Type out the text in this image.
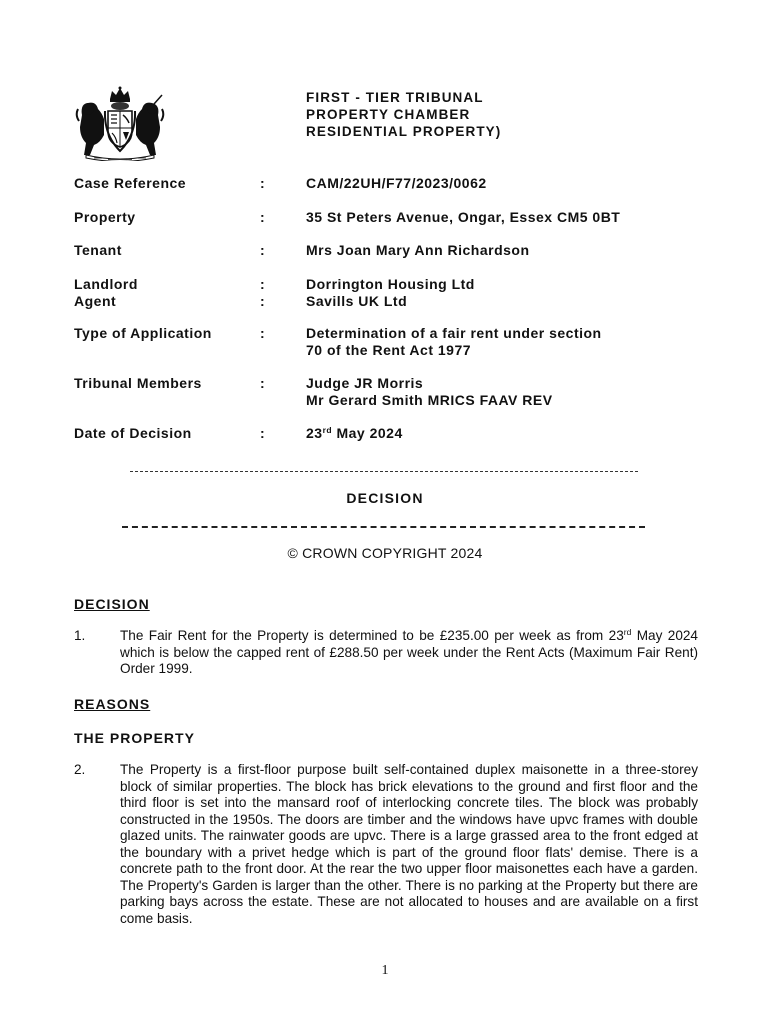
FIRST - TIER TRIBUNAL
PROPERTY CHAMBER
RESIDENTIAL PROPERTY)
Case Reference	:	CAM/22UH/F77/2023/0062
Property	:	35 St Peters Avenue, Ongar, Essex CM5 0BT
Tenant	:	Mrs Joan Mary Ann Richardson
Landlord	:	Dorrington Housing Ltd
Agent	:	Savills UK Ltd
Type of Application	:	Determination of a fair rent under section
70 of the Rent Act 1977
Tribunal Members	:	Judge JR Morris
Mr Gerard Smith MRICS FAAV REV
Date of Decision	:	23rd May 2024
DECISION
© CROWN COPYRIGHT 2024
DECISION
1.	The Fair Rent for the Property is determined to be £235.00 per week as from 23rd May 2024 which is below the capped rent of £288.50 per week under the Rent Acts (Maximum Fair Rent) Order 1999.
REASONS
THE PROPERTY
2.	The Property is a first-floor purpose built self-contained duplex maisonette in a three-storey block of similar properties. The block has brick elevations to the ground and first floor and the third floor is set into the mansard roof of interlocking concrete tiles. The block was probably constructed in the 1950s. The doors are timber and the windows have upvc frames with double glazed units. The rainwater goods are upvc. There is a large grassed area to the front edged at the boundary with a privet hedge which is part of the ground floor flats' demise. There is a concrete path to the front door. At the rear the two upper floor maisonettes each have a garden. The Property's Garden is larger than the other. There is no parking at the Property but there are parking bays across the estate. These are not allocated to houses and are available on a first come basis.
1
